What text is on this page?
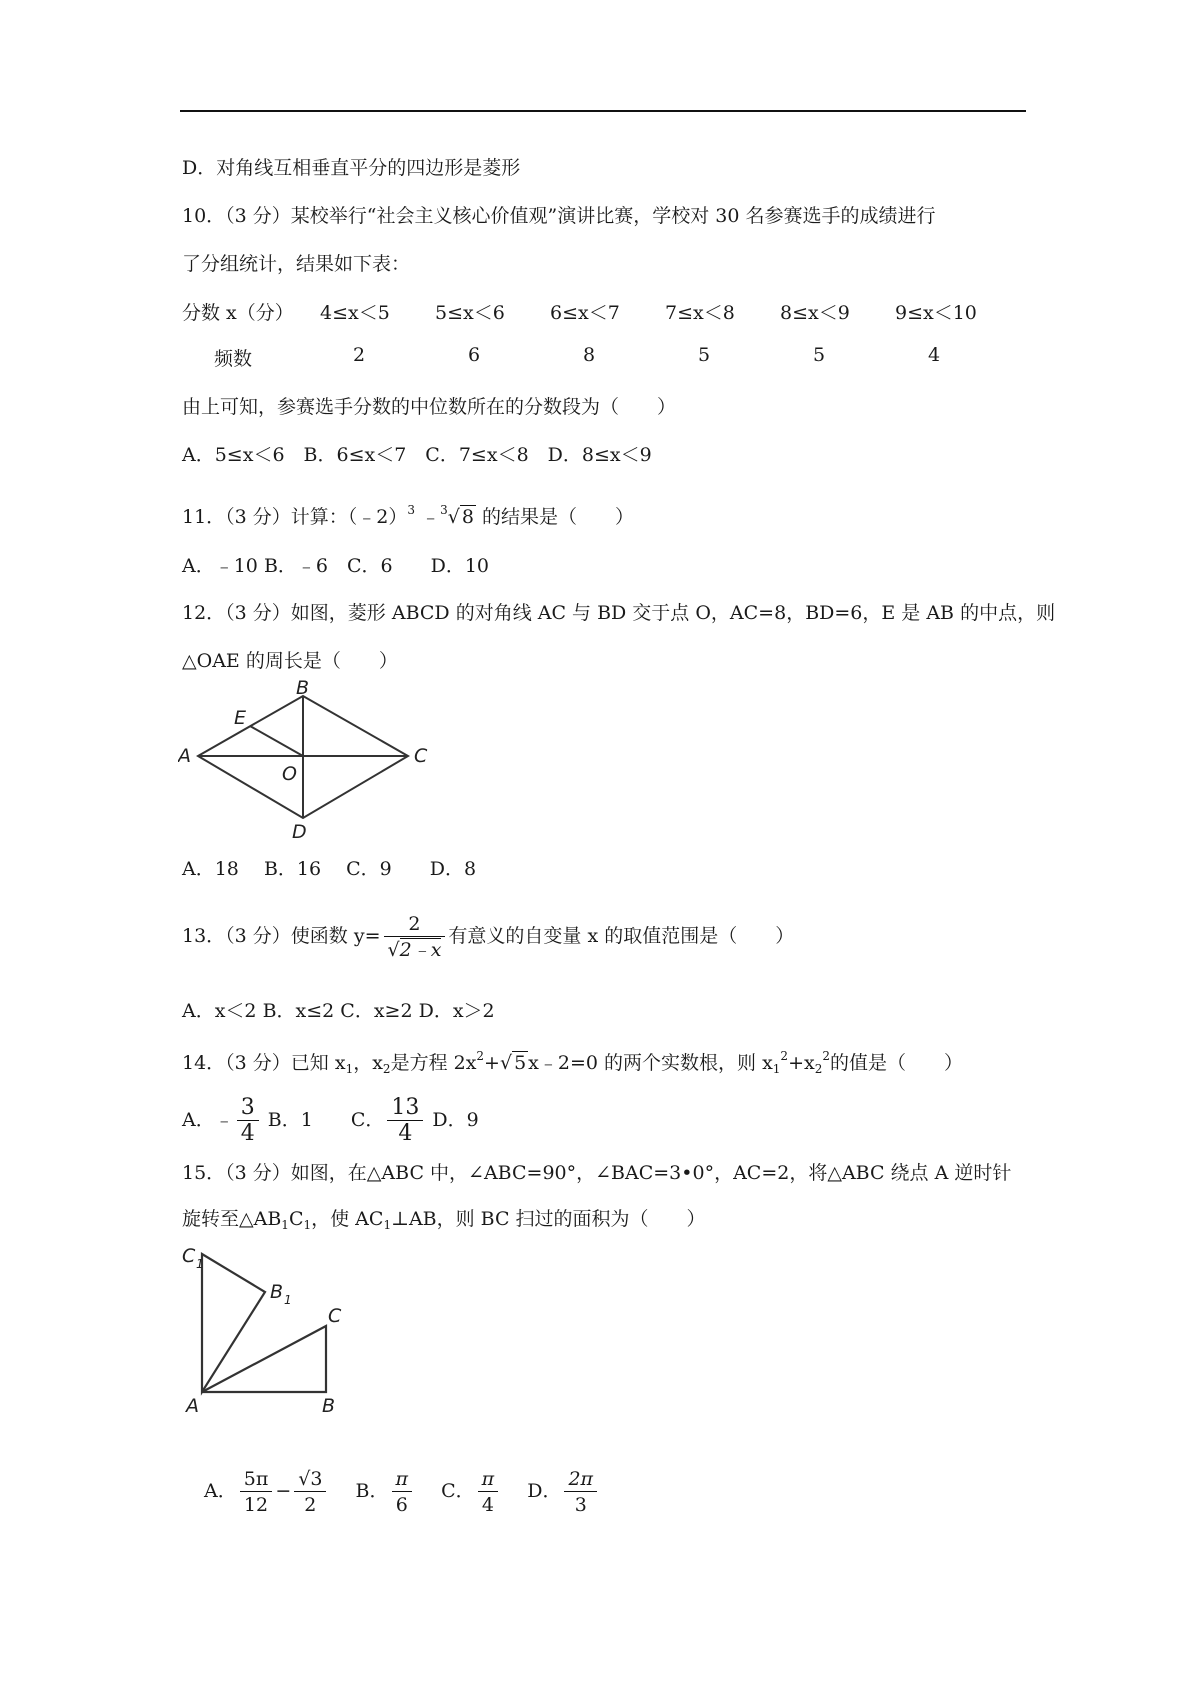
D．对角线互相垂直平分的四边形是菱形
10．（3 分）某校举行“社会主义核心价值观”演讲比赛，学校对 30 名参赛选手的成绩进行
了分组统计，结果如下表：
分数 x（分） 4≤x＜5 5≤x＜6 6≤x＜7 7≤x＜8 8≤x＜9 9≤x＜10
频数	2	6	8	5	5	4
由上可知，参赛选手分数的中位数所在的分数段为（　　）
A．5≤x＜6　B．6≤x＜7　C．7≤x＜8　D．8≤x＜9
11．（3 分）计算：（﹣2）$^3$ ﹣$^3$√ 8 的结果是（　　）
A．﹣10 B．﹣6　C．6　　D．10
12．（3 分）如图，菱形 ABCD 的对角线 AC 与 BD 交于点 O，AC=8，BD=6，E 是 AB 的中点，则
△OAE 的周长是（　　）
A
B
C
D
E
O
A．18　 B．16　 C．9　　D．8
13．（3 分）使函数 $y= \frac{2}{√2﹣x}$ 有意义的自变量 x 的取值范围是（　　）
A．x＜2 B．x≤2 C．x≥2 D．x＞2
14．（3 分）已知 $x_1$，$x_2$是方程 $2x^2+√$ 5 x﹣2=0 的两个实数根，则 $x_1^2+x_2^2$的值是（　　）
A．﹣ $\frac{3}{4}$ B．1　　C． $\frac{13}{4}$ D．9
15．（3 分）如图，在△ABC 中，∠ABC=90°，∠BAC=3•0°，AC=2，将△ABC 绕点 A 逆时针
旋转至$\triangle AB_1C_1$，使 $AC_1\perp AB$，则 BC 扫过的面积为（　　）
A	B
C
B 1
C 1
A． $\frac{5\pi}{12} - \frac{√3}{2}$ B． $\frac{\pi}{6}$ C． $\frac{\pi}{4}$ D． $\frac{2\pi}{3}$
